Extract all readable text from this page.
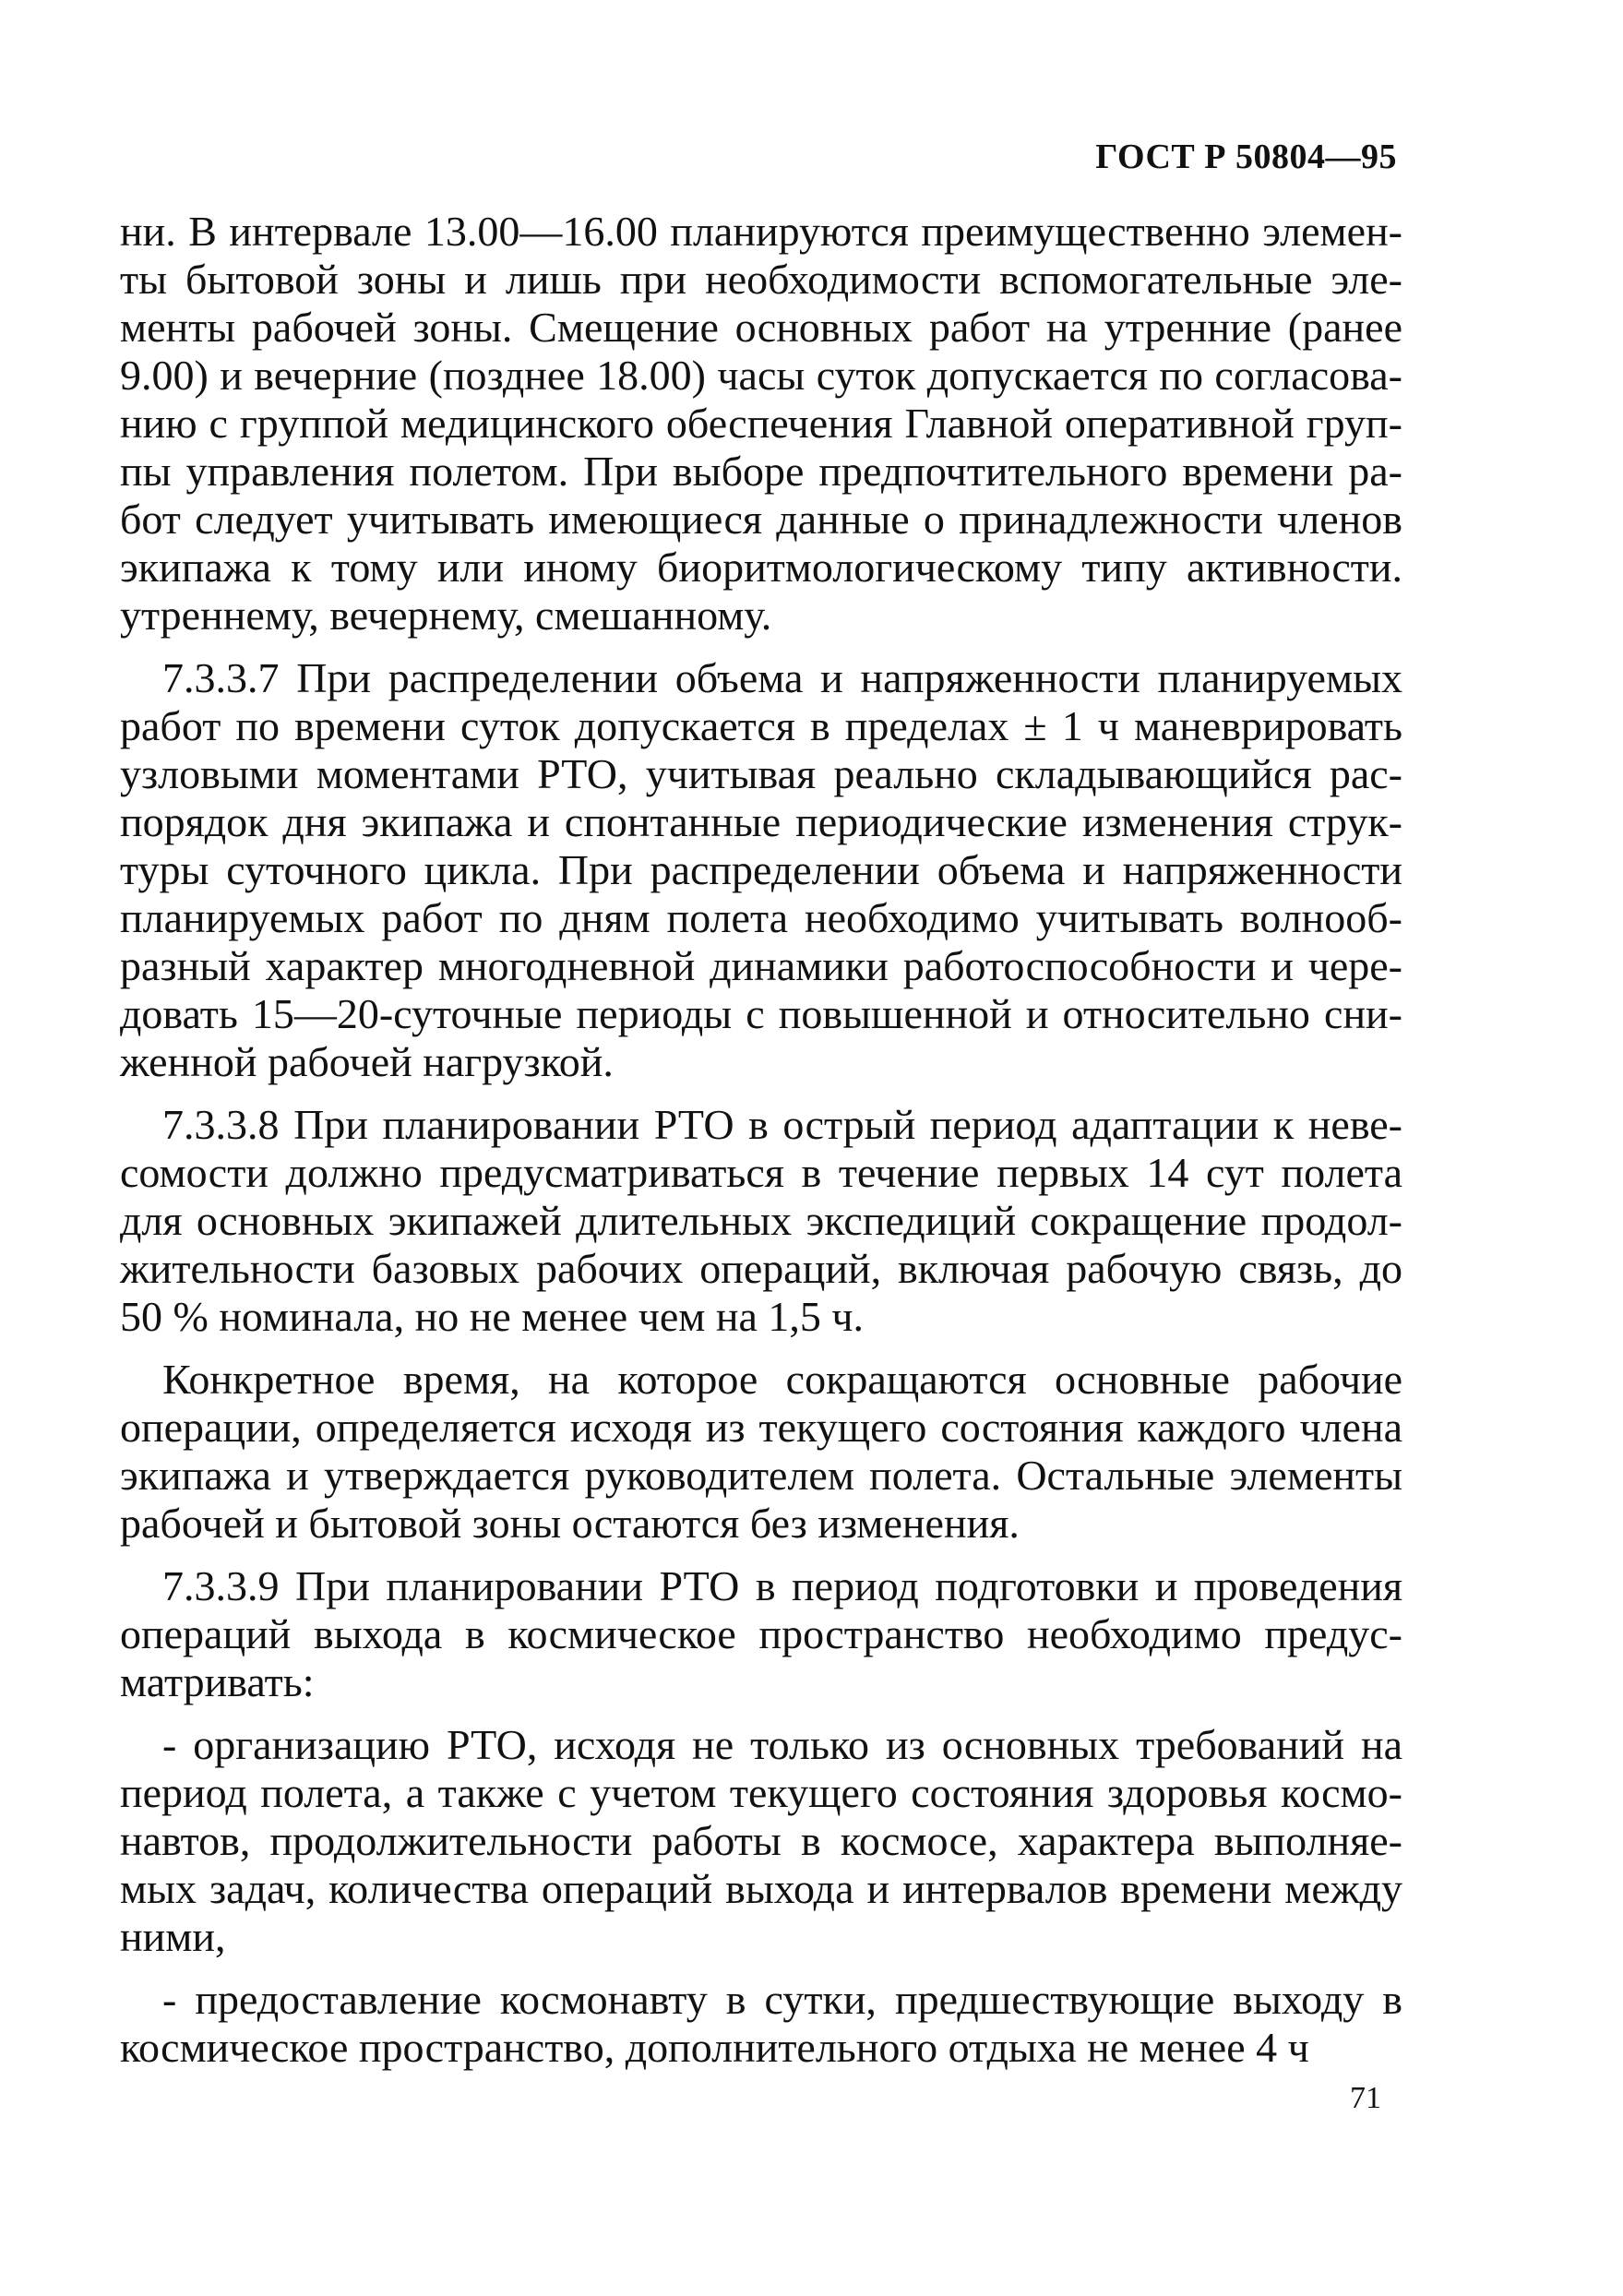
ГОСТ Р 50804—95
ни. В интервале 13.00—16.00 планируются преимущественно элемен-
ты бытовой зоны и лишь при необходимости вспомогательные эле-
менты рабочей зоны. Смещение основных работ на утренние (ранее
9.00) и вечерние (позднее 18.00) часы суток допускается по согласова-
нию с группой медицинского обеспечения Главной оперативной груп-
пы управления полетом. При выборе предпочтительного времени ра-
бот следует учитывать имеющиеся данные о принадлежности членов
экипажа к тому или иному биоритмологическому типу активности.
утреннему, вечернему, смешанному.
7.3.3.7 При распределении объема и напряженности планируемых
работ по времени суток допускается в пределах ± 1 ч маневрировать
узловыми моментами РТО, учитывая реально складывающийся рас-
порядок дня экипажа и спонтанные периодические изменения струк-
туры суточного цикла. При распределении объема и напряженности
планируемых работ по дням полета необходимо учитывать волнооб-
разный характер многодневной динамики работоспособности и чере-
довать 15—20-суточные периоды с повышенной и относительно сни-
женной рабочей нагрузкой.
7.3.3.8 При планировании РТО в острый период адаптации к неве-
сомости должно предусматриваться в течение первых 14 сут полета
для основных экипажей длительных экспедиций сокращение продол-
жительности базовых рабочих операций, включая рабочую связь, до
50 % номинала, но не менее чем на 1,5 ч.
Конкретное время, на которое сокращаются основные рабочие
операции, определяется исходя из текущего состояния каждого члена
экипажа и утверждается руководителем полета. Остальные элементы
рабочей и бытовой зоны остаются без изменения.
7.3.3.9 При планировании РТО в период подготовки и проведения
операций выхода в космическое пространство необходимо предус-
матривать:
- организацию РТО, исходя не только из основных требований на
период полета, а также с учетом текущего состояния здоровья космо-
навтов, продолжительности работы в космосе, характера выполняе-
мых задач, количества операций выхода и интервалов времени между
ними,
- предоставление космонавту в сутки, предшествующие выходу в
космическое пространство, дополнительного отдыха не менее 4 ч
71
